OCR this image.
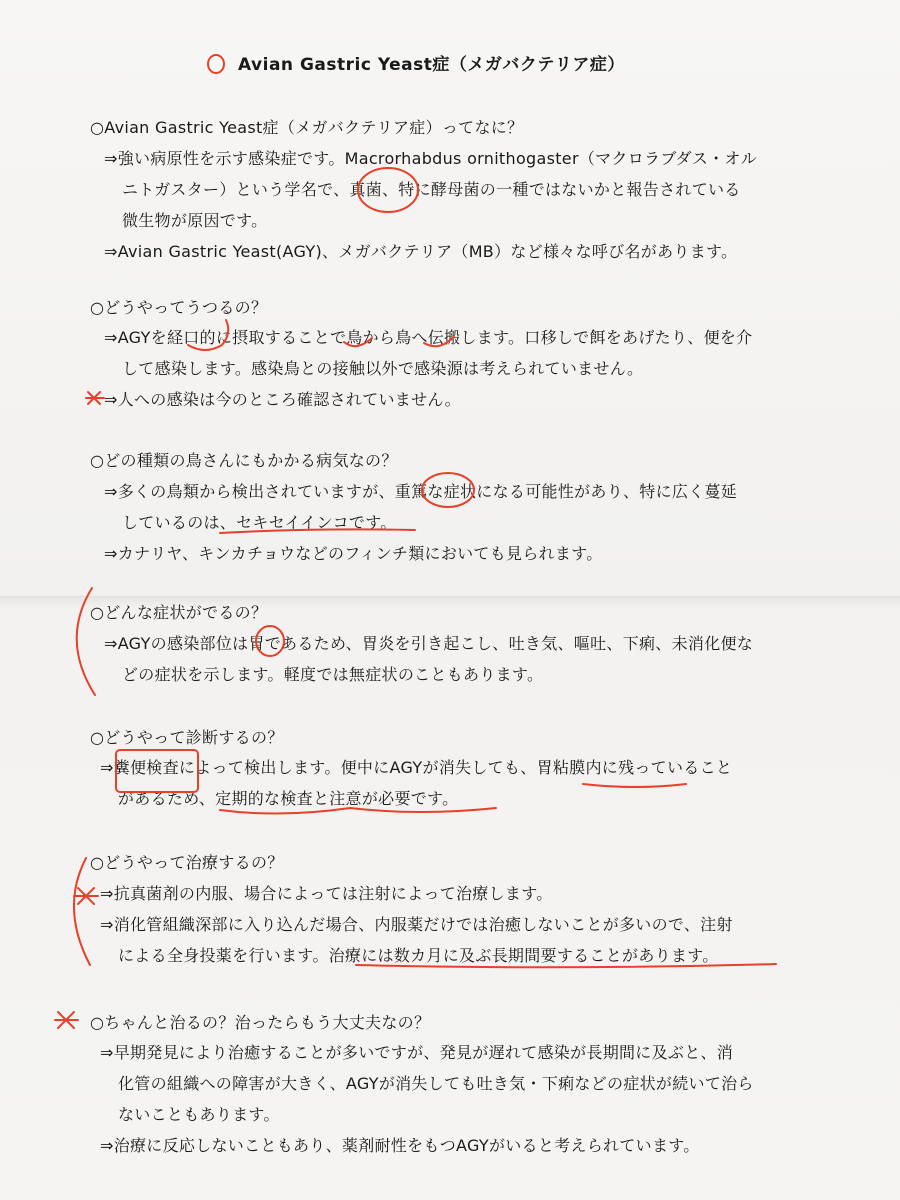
Avian Gastric Yeast症（メガバクテリア症）
○Avian Gastric Yeast症（メガバクテリア症）ってなに？
⇒強い病原性を示す感染症です。Macrorhabdus ornithogaster（マクロラブダス・オル
ニトガスター）という学名で、真菌、特に酵母菌の一種ではないかと報告されている
微生物が原因です。
⇒Avian Gastric Yeast(AGY)、メガバクテリア（MB）など様々な呼び名があります。
○どうやってうつるの？
⇒AGYを経口的に摂取することで鳥から鳥へ伝搬します。口移しで餌をあげたり、便を介
して感染します。感染鳥との接触以外で感染源は考えられていません。
⇒人への感染は今のところ確認されていません。
○どの種類の鳥さんにもかかる病気なの？
⇒多くの鳥類から検出されていますが、重篤な症状になる可能性があり、特に広く蔓延
しているのは、セキセイインコです。
⇒カナリヤ、キンカチョウなどのフィンチ類においても見られます。
○どんな症状がでるの？
⇒AGYの感染部位は胃であるため、胃炎を引き起こし、吐き気、嘔吐、下痢、未消化便な
どの症状を示します。軽度では無症状のこともあります。
○どうやって診断するの？
⇒糞便検査によって検出します。便中にAGYが消失しても、胃粘膜内に残っていること
があるため、定期的な検査と注意が必要です。
○どうやって治療するの？
⇒抗真菌剤の内服、場合によっては注射によって治療します。
⇒消化管組織深部に入り込んだ場合、内服薬だけでは治癒しないことが多いので、注射
による全身投薬を行います。治療には数カ月に及ぶ長期間要することがあります。
○ちゃんと治るの？治ったらもう大丈夫なの？
⇒早期発見により治癒することが多いですが、発見が遅れて感染が長期間に及ぶと、消
化管の組織への障害が大きく、AGYが消失しても吐き気・下痢などの症状が続いて治ら
ないこともあります。
⇒治療に反応しないこともあり、薬剤耐性をもつAGYがいると考えられています。
